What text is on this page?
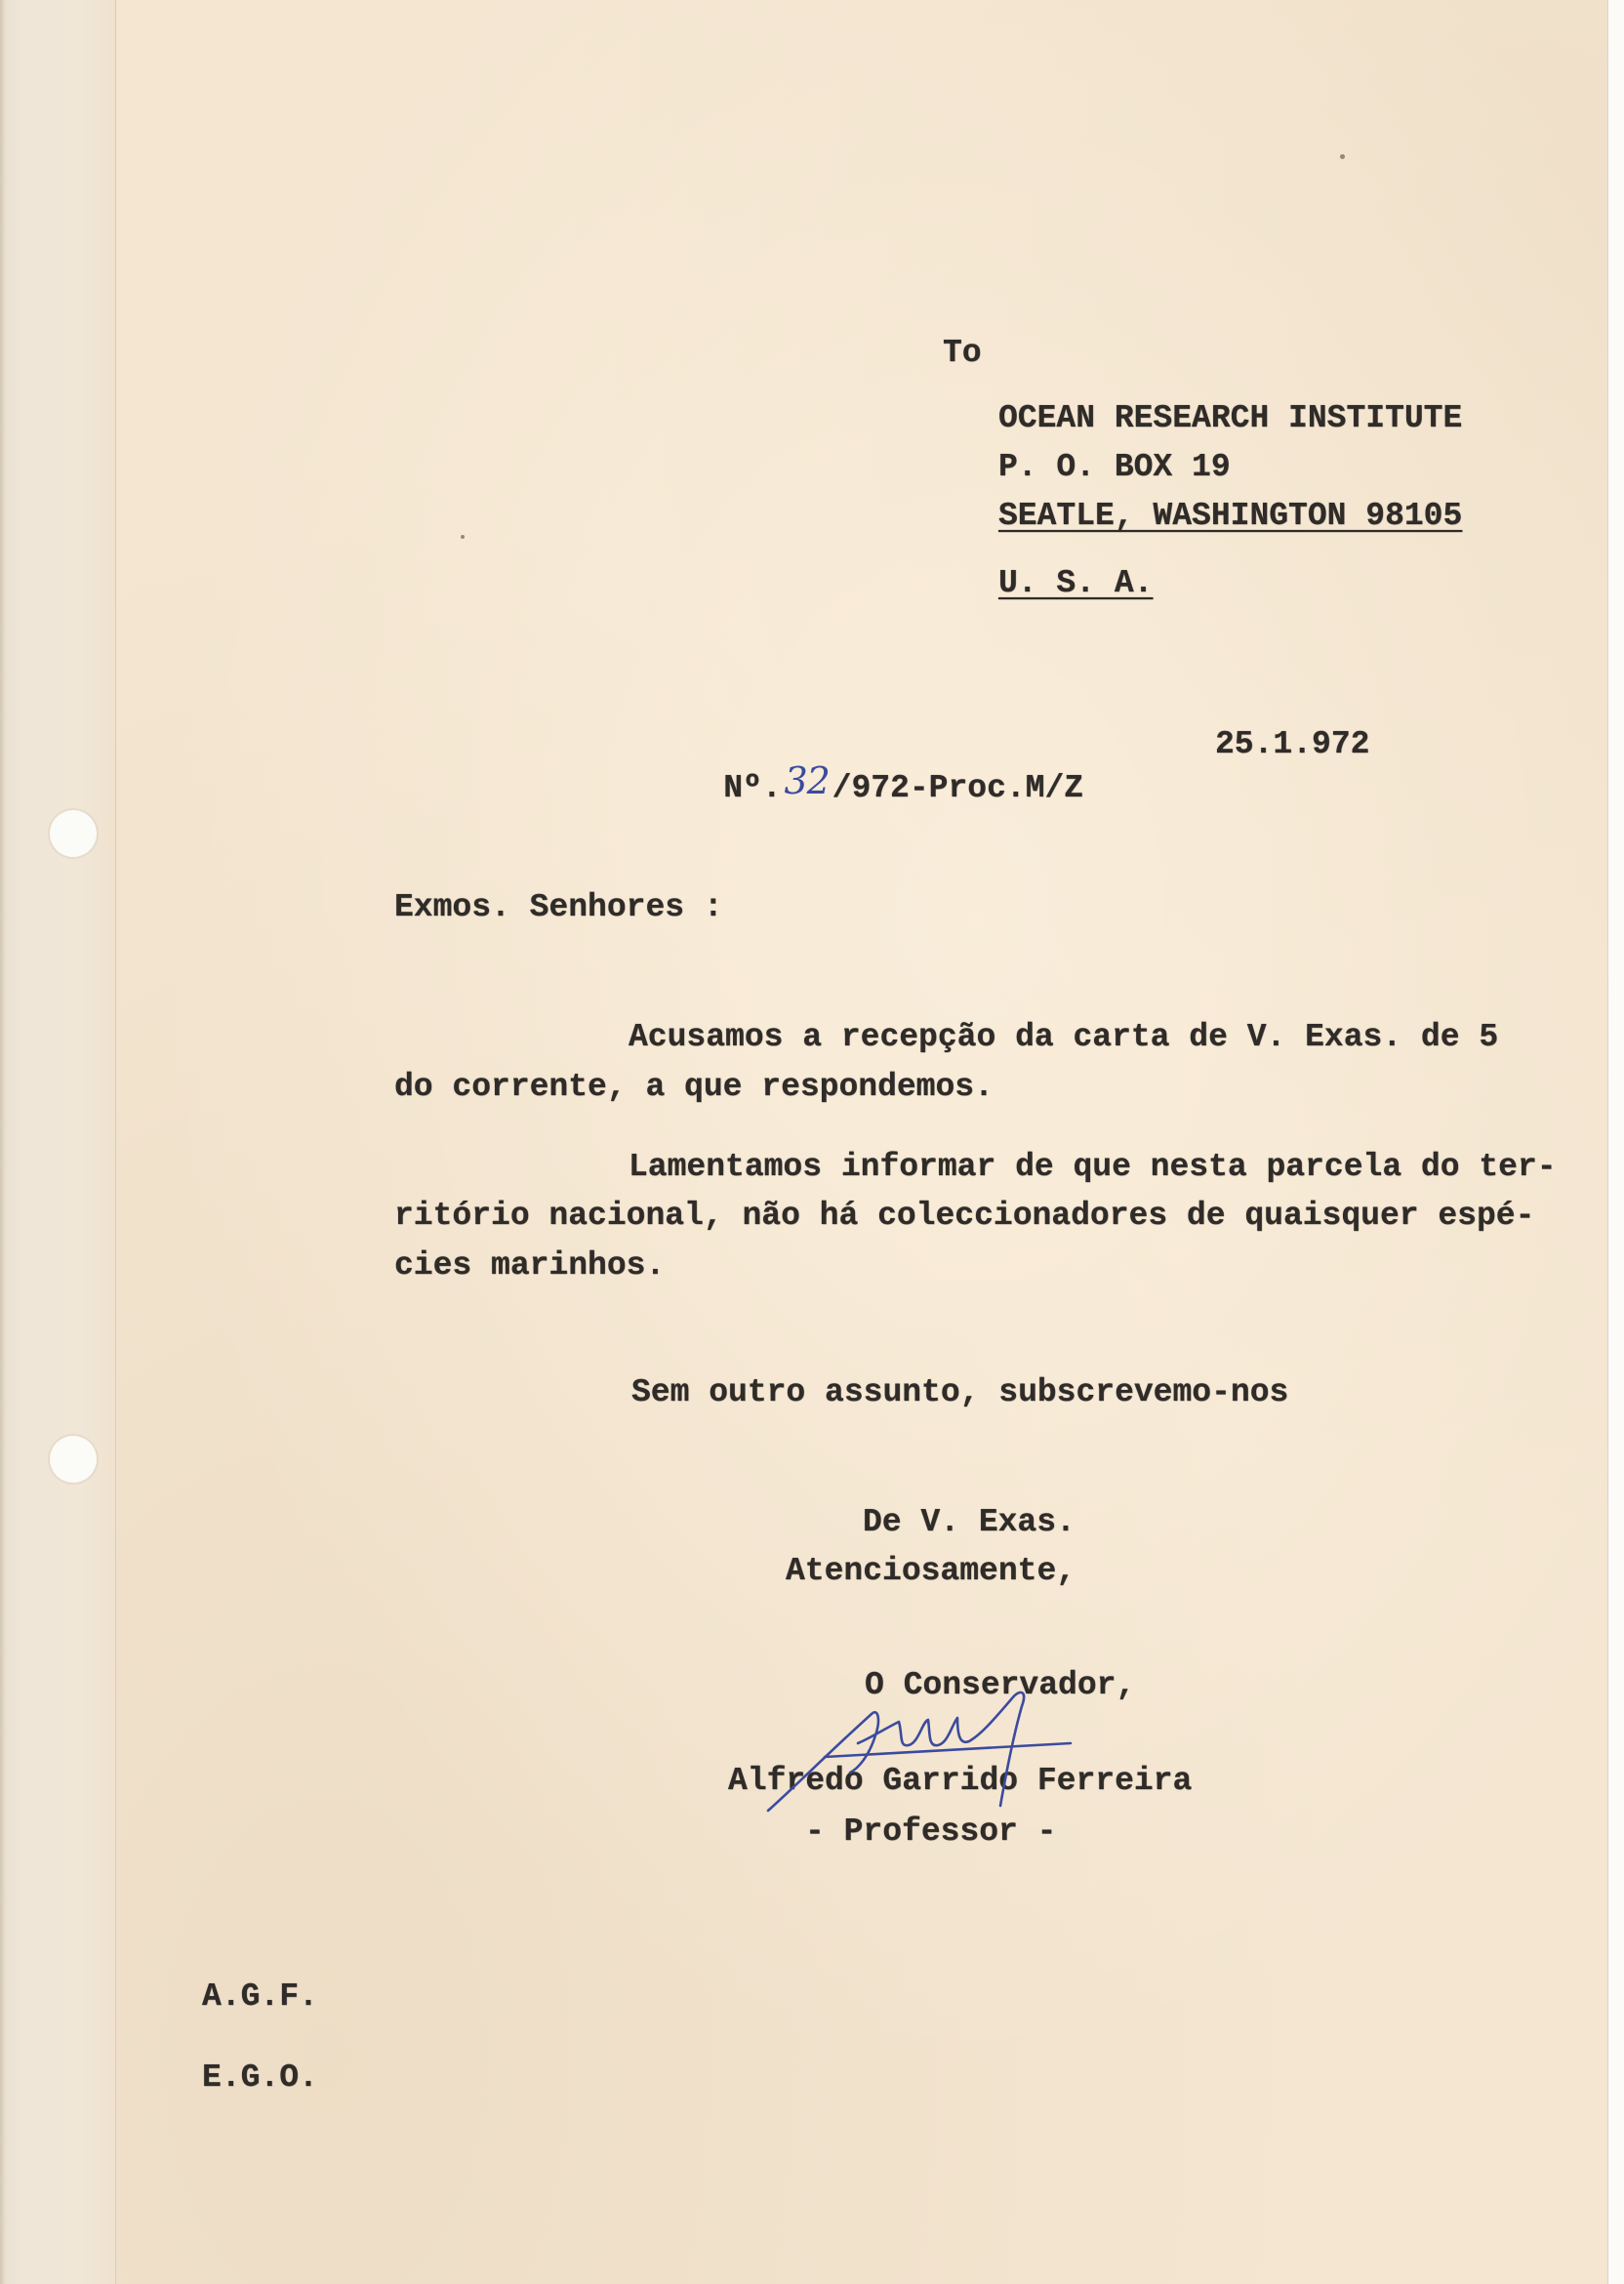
To
OCEAN RESEARCH INSTITUTE
P. O. BOX 19
SEATLE, WASHINGTON 98105
U. S. A.

Nº.32/972-Proc.M/Z

25.1.972
Exmos. Senhores :
Acusamos a recepção da carta de V. Exas. de 5
do corrente, a que respondemos.
Lamentamos informar de que nesta parcela do ter-
ritório nacional, não há coleccionadores de quaisquer espé-
cies marinhos.
Sem outro assunto, subscrevemo-nos
De V. Exas.
Atenciosamente,
O Conservador,
Alfredo Garrido Ferreira
- Professor -
A.G.F.
E.G.O.
